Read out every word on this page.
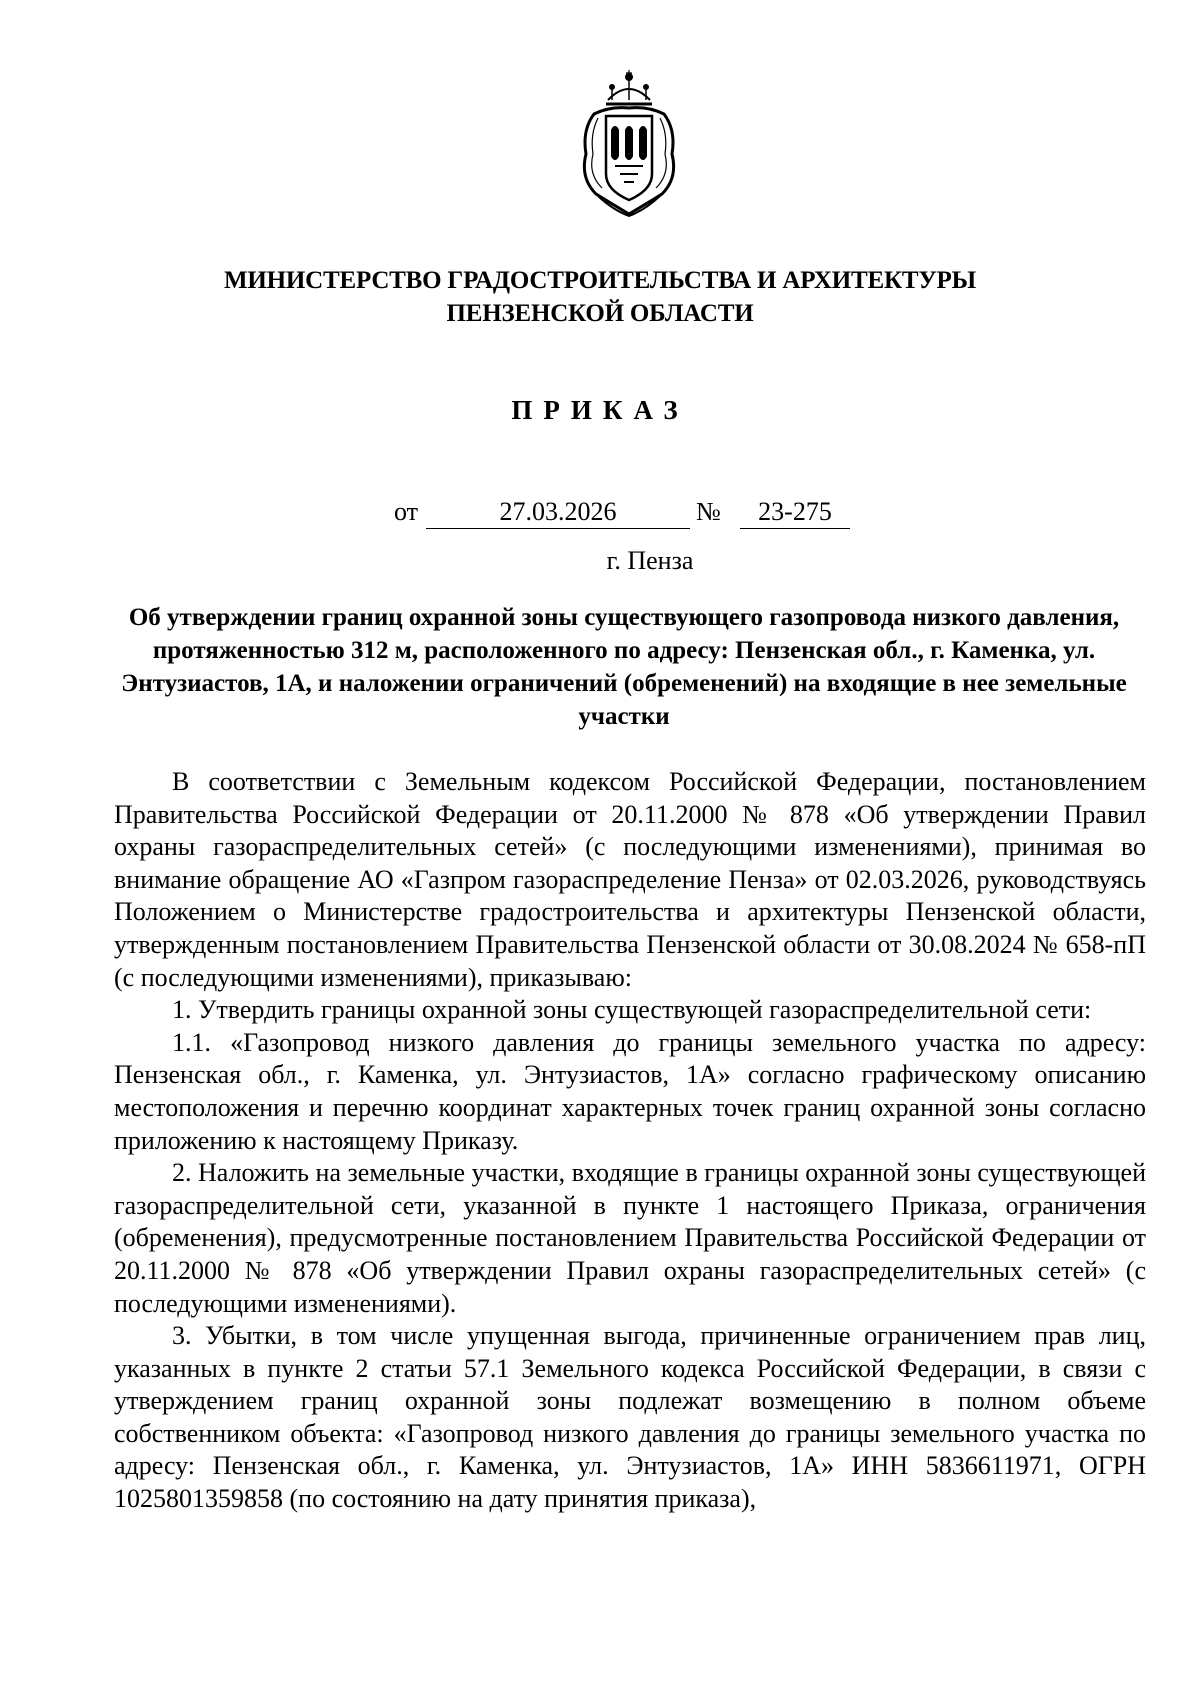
МИНИСТЕРСТВО ГРАДОСТРОИТЕЛЬСТВА И АРХИТЕКТУРЫ
ПЕНЗЕНСКОЙ ОБЛАСТИ
ПРИКАЗ
от	27.03.2026	№	23-275
г. Пенза
Об утверждении границ охранной зоны существующего газопровода низкого давления, протяженностью 312 м, расположенного по адресу: Пензенская обл., г. Каменка, ул. Энтузиастов, 1А, и наложении ограничений (обременений) на входящие в нее земельные участки

В соответствии с Земельным кодексом Российской Федерации, постановлением Правительства Российской Федерации от 20.11.2000 № 878 «Об утверждении Правил охраны газораспределительных сетей» (с последующими изменениями), принимая во внимание обращение АО «Газпром газораспределение Пенза» от 02.03.2026, руководствуясь Положением о Министерстве градостроительства и архитектуры Пензенской области, утвержденным постановлением Правительства Пензенской области от 30.08.2024 № 658-пП (с последующими изменениями), приказываю:

1. Утвердить границы охранной зоны существующей газораспределительной сети:

1.1. «Газопровод низкого давления до границы земельного участка по адресу: Пензенская обл., г. Каменка, ул. Энтузиастов, 1А» согласно графическому описанию местоположения и перечню координат характерных точек границ охранной зоны согласно приложению к настоящему Приказу.

2. Наложить на земельные участки, входящие в границы охранной зоны существующей газораспределительной сети, указанной в пункте 1 настоящего Приказа, ограничения (обременения), предусмотренные постановлением Правительства Российской Федерации от 20.11.2000 № 878 «Об утверждении Правил охраны газораспределительных сетей» (с последующими изменениями).

3. Убытки, в том числе упущенная выгода, причиненные ограничением прав лиц, указанных в пункте 2 статьи 57.1 Земельного кодекса Российской Федерации, в связи с утверждением границ охранной зоны подлежат возмещению в полном объеме собственником объекта: «Газопровод низкого давления до границы земельного участка по адресу: Пензенская обл., г. Каменка, ул. Энтузиастов, 1А» ИНН 5836611971, ОГРН 1025801359858 (по состоянию на дату принятия приказа),
